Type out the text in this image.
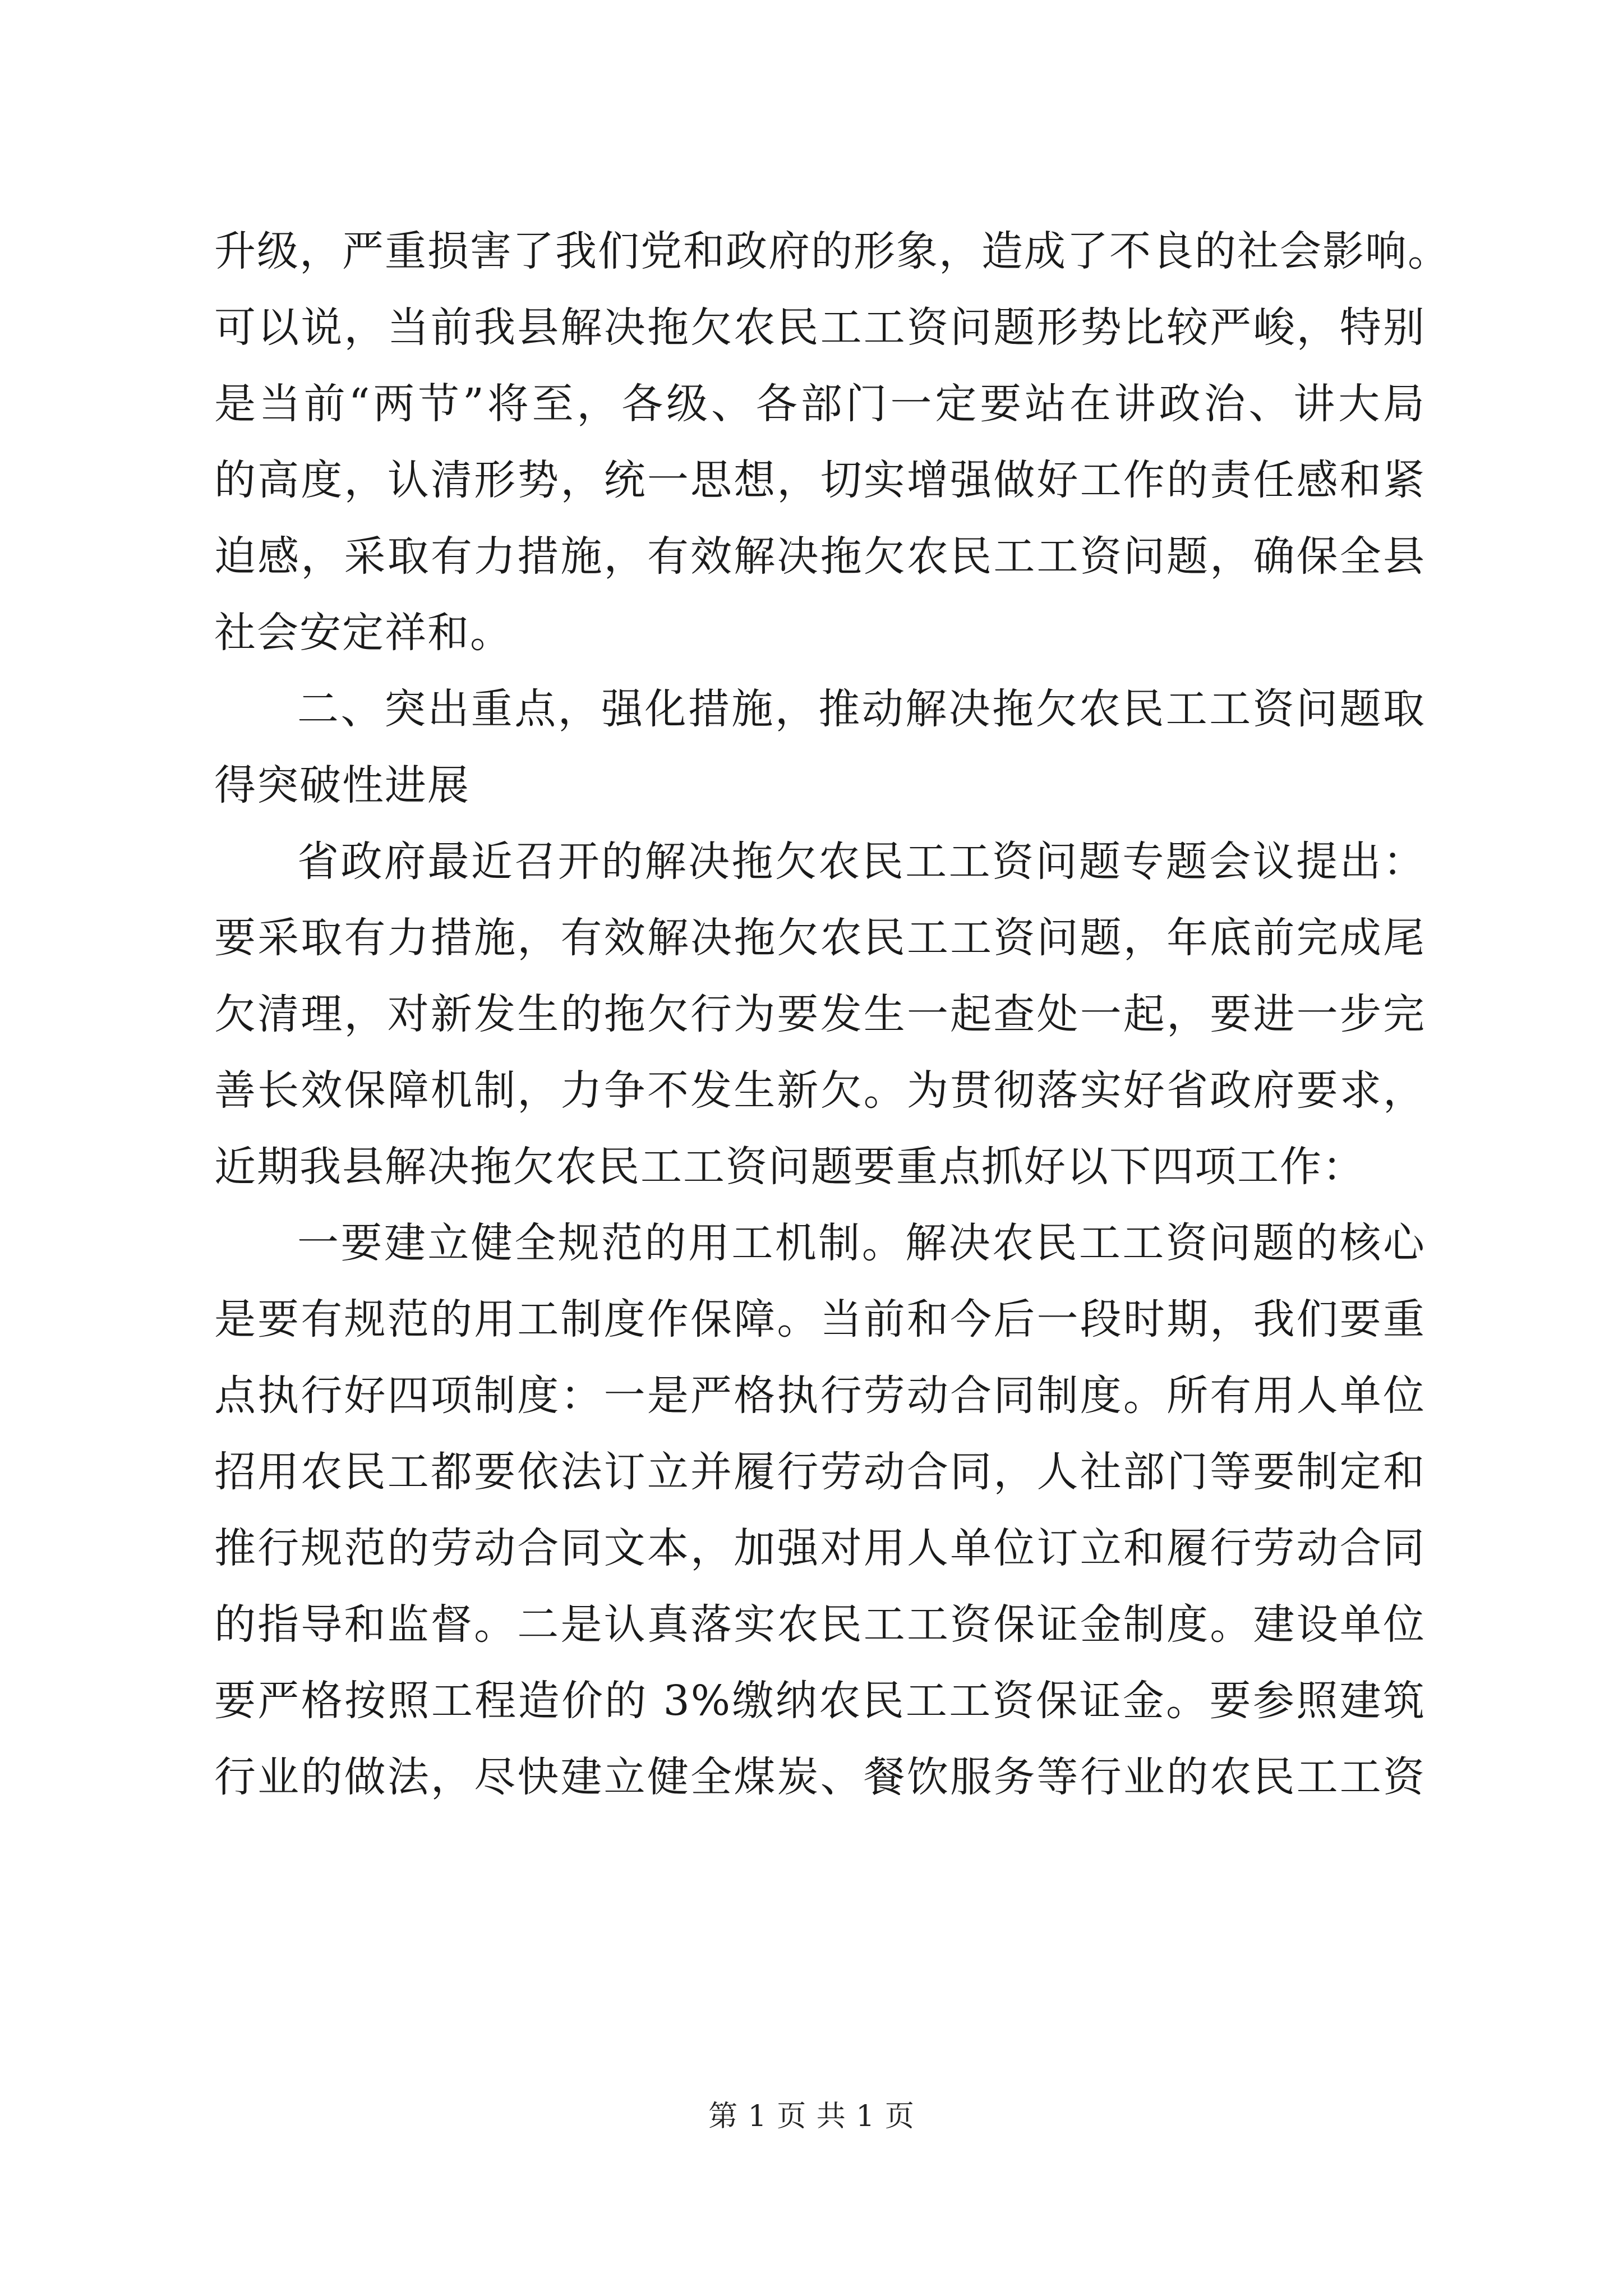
升级，严重损害了我们党和政府的形象，造成了不良的社会影响。
可以说，当前我县解决拖欠农民工工资问题形势比较严峻，特别
是当前“两节”将至，各级、各部门一定要站在讲政治、讲大局
的高度，认清形势，统一思想，切实增强做好工作的责任感和紧
迫感，采取有力措施，有效解决拖欠农民工工资问题，确保全县
社会安定祥和。
二、突出重点，强化措施，推动解决拖欠农民工工资问题取
得突破性进展
省政府最近召开的解决拖欠农民工工资问题专题会议提出：
要采取有力措施，有效解决拖欠农民工工资问题，年底前完成尾
欠清理，对新发生的拖欠行为要发生一起查处一起，要进一步完
善长效保障机制，力争不发生新欠。为贯彻落实好省政府要求，
近期我县解决拖欠农民工工资问题要重点抓好以下四项工作：
一要建立健全规范的用工机制。解决农民工工资问题的核心
是要有规范的用工制度作保障。当前和今后一段时期，我们要重
点执行好四项制度：一是严格执行劳动合同制度。所有用人单位
招用农民工都要依法订立并履行劳动合同，人社部门等要制定和
推行规范的劳动合同文本，加强对用人单位订立和履行劳动合同
的指导和监督。二是认真落实农民工工资保证金制度。建设单位
要严格按照工程造价的 3%缴纳农民工工资保证金。要参照建筑
行业的做法，尽快建立健全煤炭、餐饮服务等行业的农民工工资
第 1 页 共 1 页
